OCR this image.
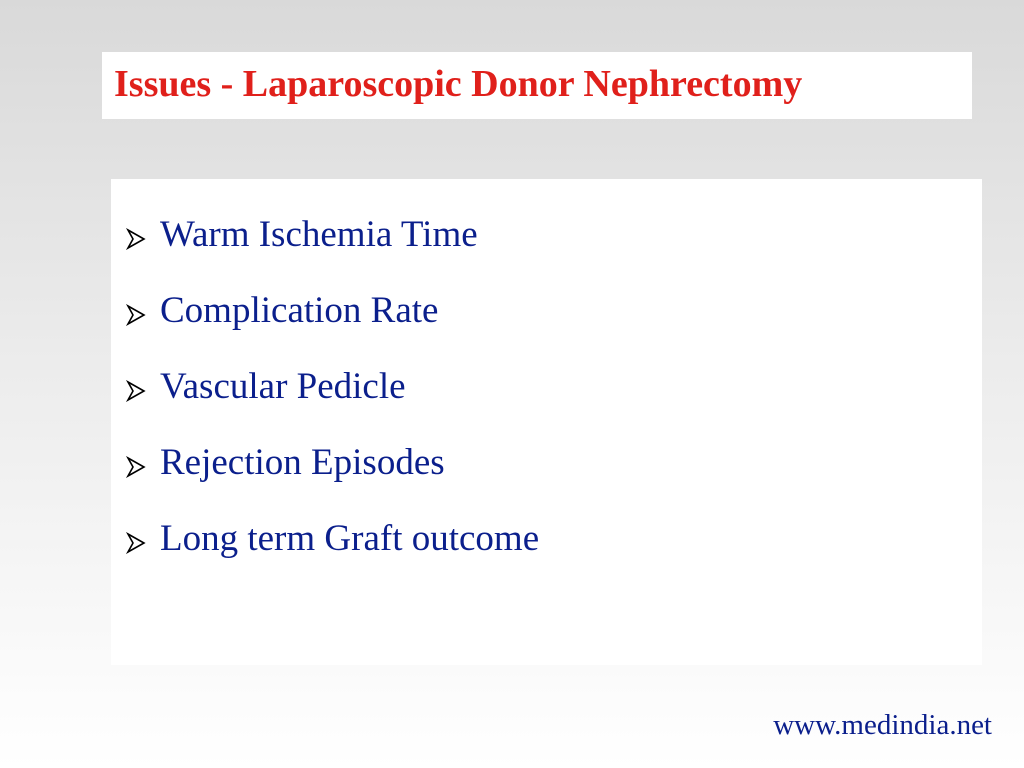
Issues - Laparoscopic Donor Nephrectomy
Warm Ischemia Time
Complication Rate
Vascular Pedicle
Rejection Episodes
Long term Graft outcome
www.medindia.net
